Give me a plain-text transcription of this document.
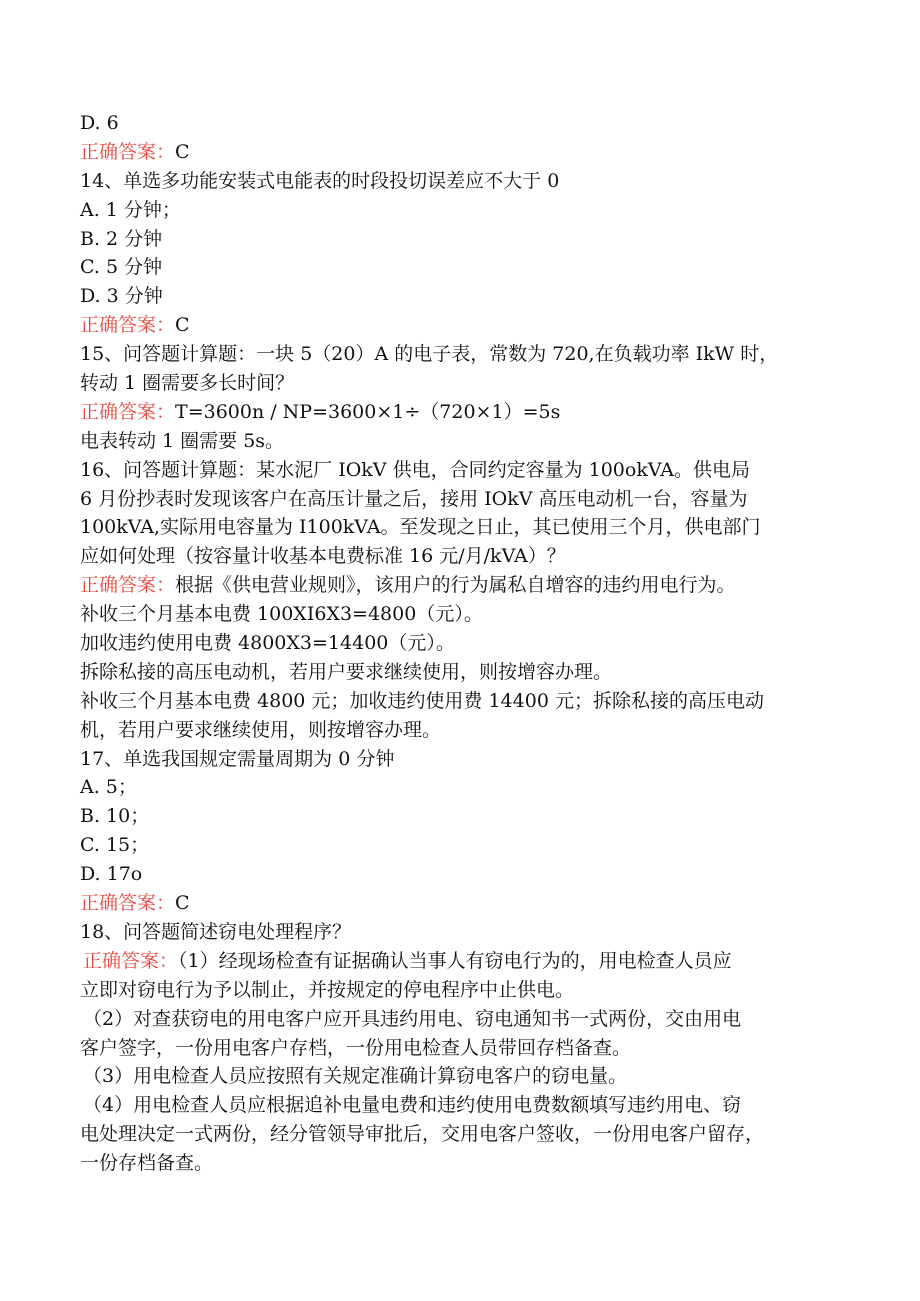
D. 6
正确答案：C
14、单选多功能安装式电能表的时段投切误差应不大于 0
A. 1 分钟；
B. 2 分钟
C. 5 分钟
D. 3 分钟
正确答案：C
15、问答题计算题：一块 5（20）A 的电子表，常数为 720,在负载功率 IkW 时，
转动 1 圈需要多长时间？
正确答案：T=3600n / NP=3600×1÷（720×1）=5s
电表转动 1 圈需要 5s。
16、问答题计算题：某水泥厂 IOkV 供电，合同约定容量为 100okVA。供电局
6 月份抄表时发现该客户在高压计量之后，接用 IOkV 高压电动机一台，容量为
100kVA,实际用电容量为 I100kVA。至发现之日止，其已使用三个月，供电部门
应如何处理（按容量计收基本电费标准 16 元/月/kVA）？
正确答案：根据《供电营业规则》，该用户的行为属私自增容的违约用电行为。
补收三个月基本电费 100XI6X3=4800（元）。
加收违约使用电费 4800X3=14400（元）。
拆除私接的高压电动机，若用户要求继续使用，则按增容办理。
补收三个月基本电费 4800 元；加收违约使用费 14400 元；拆除私接的高压电动
机，若用户要求继续使用，则按增容办理。
17、单选我国规定需量周期为 0 分钟
A. 5；
B. 10；
C. 15；
D. 17o
正确答案：C
18、问答题简述窃电处理程序？
正确答案：（1）经现场检查有证据确认当事人有窃电行为的，用电检查人员应
立即对窃电行为予以制止，并按规定的停电程序中止供电。
（2）对查获窃电的用电客户应开具违约用电、窃电通知书一式两份，交由用电
客户签字，一份用电客户存档，一份用电检查人员带回存档备查。
（3）用电检查人员应按照有关规定准确计算窃电客户的窃电量。
（4）用电检查人员应根据追补电量电费和违约使用电费数额填写违约用电、窃
电处理决定一式两份，经分管领导审批后，交用电客户签收，一份用电客户留存，
一份存档备查。
